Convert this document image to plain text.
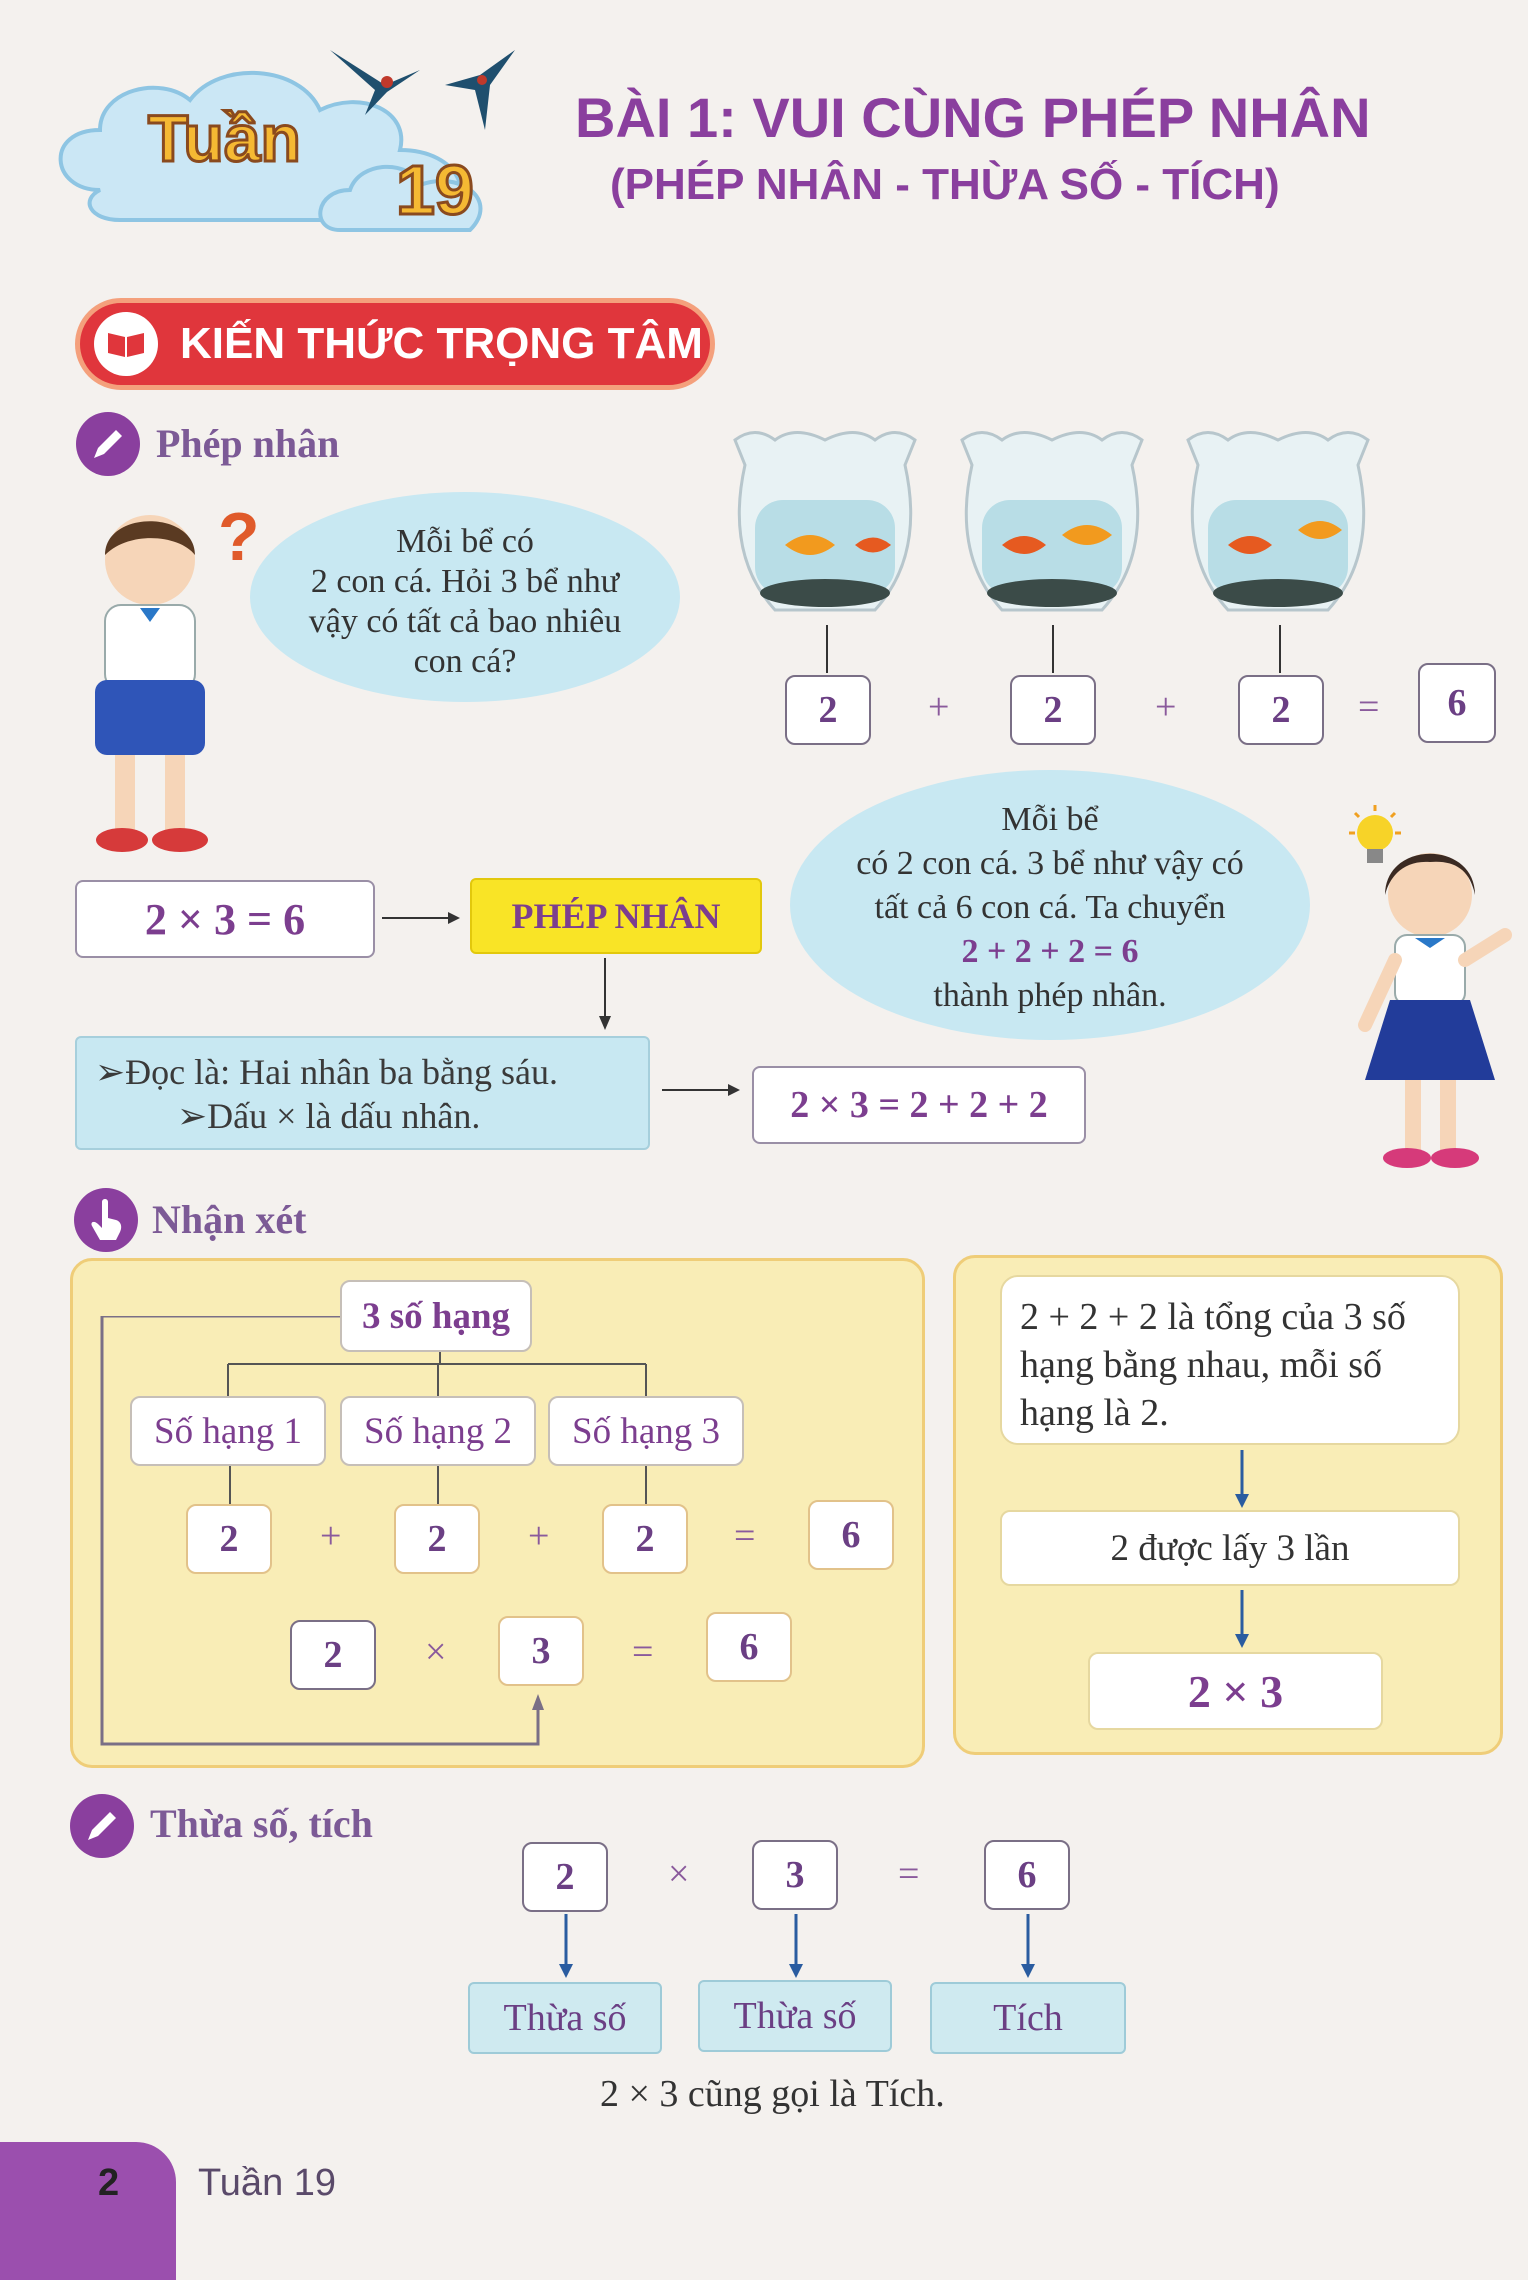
Tuần
19
BÀI 1: VUI CÙNG PHÉP NHÂN
(PHÉP NHÂN - THỪA SỐ - TÍCH)
KIẾN THỨC TRỌNG TÂM
Phép nhân
?	Mỗi bể có
2 con cá. Hỏi 3 bể như
vậy có tất cả bao nhiêu
con cá?
2	+	2	+	2	=	6
Mỗi bể
có 2 con cá. 3 bể như vậy có
tất cả 6 con cá. Ta chuyển
2 + 2 + 2 = 6
thành phép nhân.
2 × 3 = 6	PHÉP NHÂN
➢Đọc là: Hai nhân ba bằng sáu.
➢Dấu × là dấu nhân.	2 × 3 = 2 + 2 + 2
Nhận xét
3 số hạng
Số hạng 1	Số hạng 2	Số hạng 3
2	+	2	+	2	=	6
2	×	3	=	6
2 + 2 + 2 là tổng của 3 số
hạng bằng nhau, mỗi số
hạng là 2.
2 được lấy 3 lần
2 × 3
Thừa số, tích
2	×	3	=	6
Thừa số	Thừa số	Tích
2 × 3 cũng gọi là Tích.
2 Tuần 19
